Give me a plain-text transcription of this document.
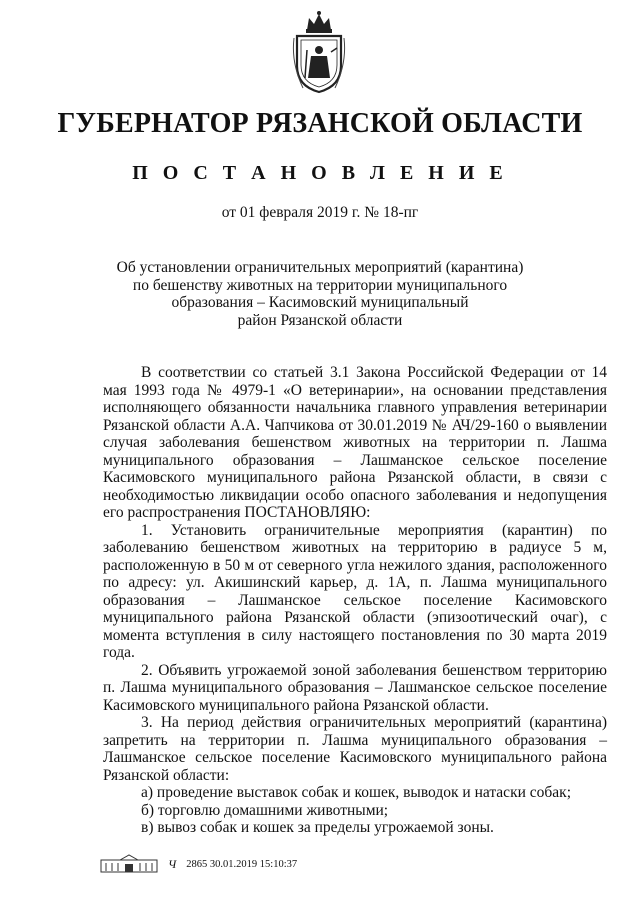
ГУБЕРНАТОР РЯЗАНСКОЙ ОБЛАСТИ
П О С Т А Н О В Л Е Н И Е
от 01 февраля 2019 г. № 18-пг
Об установлении ограничительных мероприятий (карантина)
по бешенству животных на территории муниципального
образования – Касимовский муниципальный
район Рязанской области

В соответствии со статьей 3.1 Закона Российской Федерации от 14 мая 1993 года № 4979-1 «О ветеринарии», на основании представления исполняющего обязанности начальника главного управления ветеринарии Рязанской области А.А. Чапчикова от 30.01.2019 № АЧ/29-160 о выявлении случая заболевания бешенством животных на территории п. Лашма муниципального образования – Лашманское сельское поселение Касимовского муниципального района Рязанской области, в связи с необходимостью ликвидации особо опасного заболевания и недопущения его распространения ПОСТАНОВЛЯЮ:

1. Установить ограничительные мероприятия (карантин) по заболеванию бешенством животных на территорию в радиусе 5 м, расположенную в 50 м от северного угла нежилого здания, расположенного по адресу: ул. Акишинский карьер, д. 1А, п. Лашма муниципального образования – Лашманское сельское поселение Касимовского муниципального района Рязанской области (эпизоотический очаг), с момента вступления в силу настоящего постановления по 30 марта 2019 года.

2. Объявить угрожаемой зоной заболевания бешенством территорию п. Лашма муниципального образования – Лашманское сельское поселение Касимовского муниципального района Рязанской области.

3. На период действия ограничительных мероприятий (карантина) запретить на территории п. Лашма муниципального образования – Лашманское сельское поселение Касимовского муниципального района Рязанской области:

а) проведение выставок собак и кошек, выводок и натаски собак;
б) торговлю домашними животными;
в) вывоз собак и кошек за пределы угрожаемой зоны.
Ч 2865 30.01.2019 15:10:37
